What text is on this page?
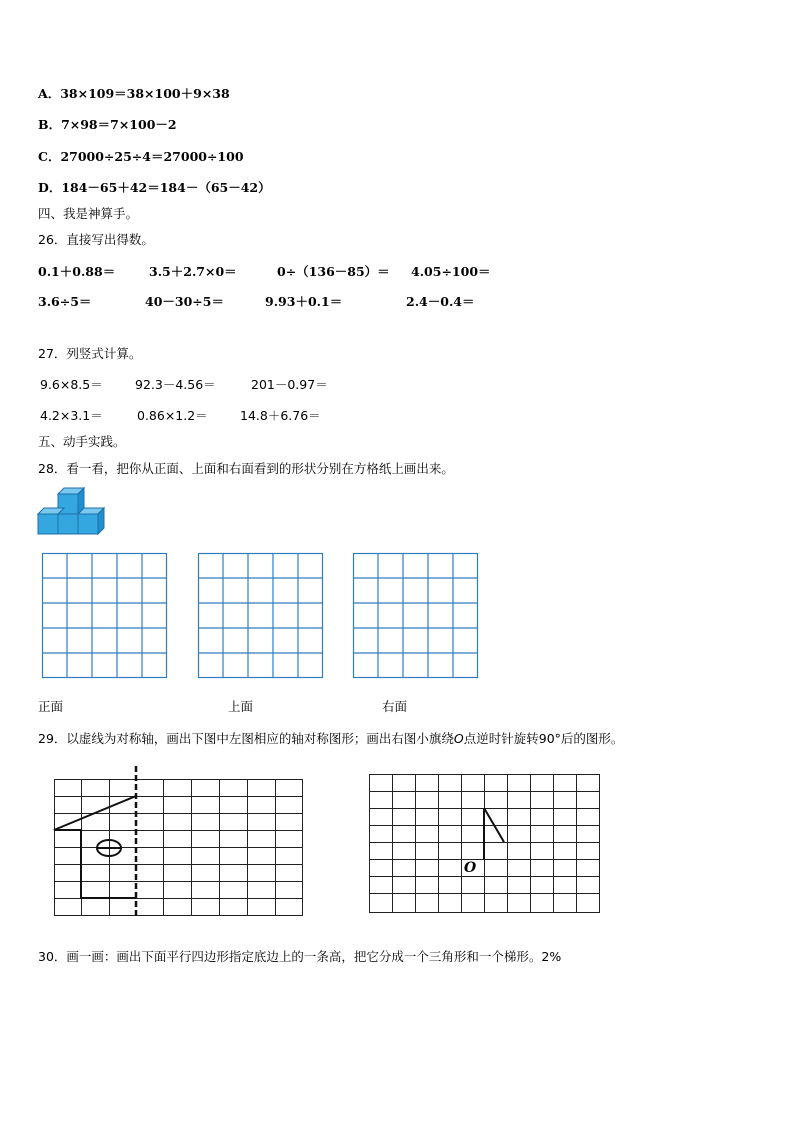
A．38×109＝38×100＋9×38
B．7×98＝7×100－2
C．27000÷25÷4＝27000÷100
D．184－65＋42＝184－（65－42）
四、我是神算手。
26．直接写出得数。
0.1＋0.88＝	3.5＋2.7×0＝	0÷（136－85）＝ 4.05÷100＝
3.6÷5＝	40－30÷5＝	9.93＋0.1＝	2.4－0.4＝
27．列竖式计算。
9.6×8.5＝	92.3－4.56＝	201－0.97＝
4.2×3.1＝	0.86×1.2＝	14.8＋6.76＝
五、动手实践。
28．看一看，把你从正面、上面和右面看到的形状分别在方格纸上画出来。
正面	上面	右面
29．以虚线为对称轴，画出下图中左图相应的轴对称图形；画出右图小旗绕O点逆时针旋转90°后的图形。
O
30．画一画：画出下面平行四边形指定底边上的一条高，把它分成一个三角形和一个梯形。2%
